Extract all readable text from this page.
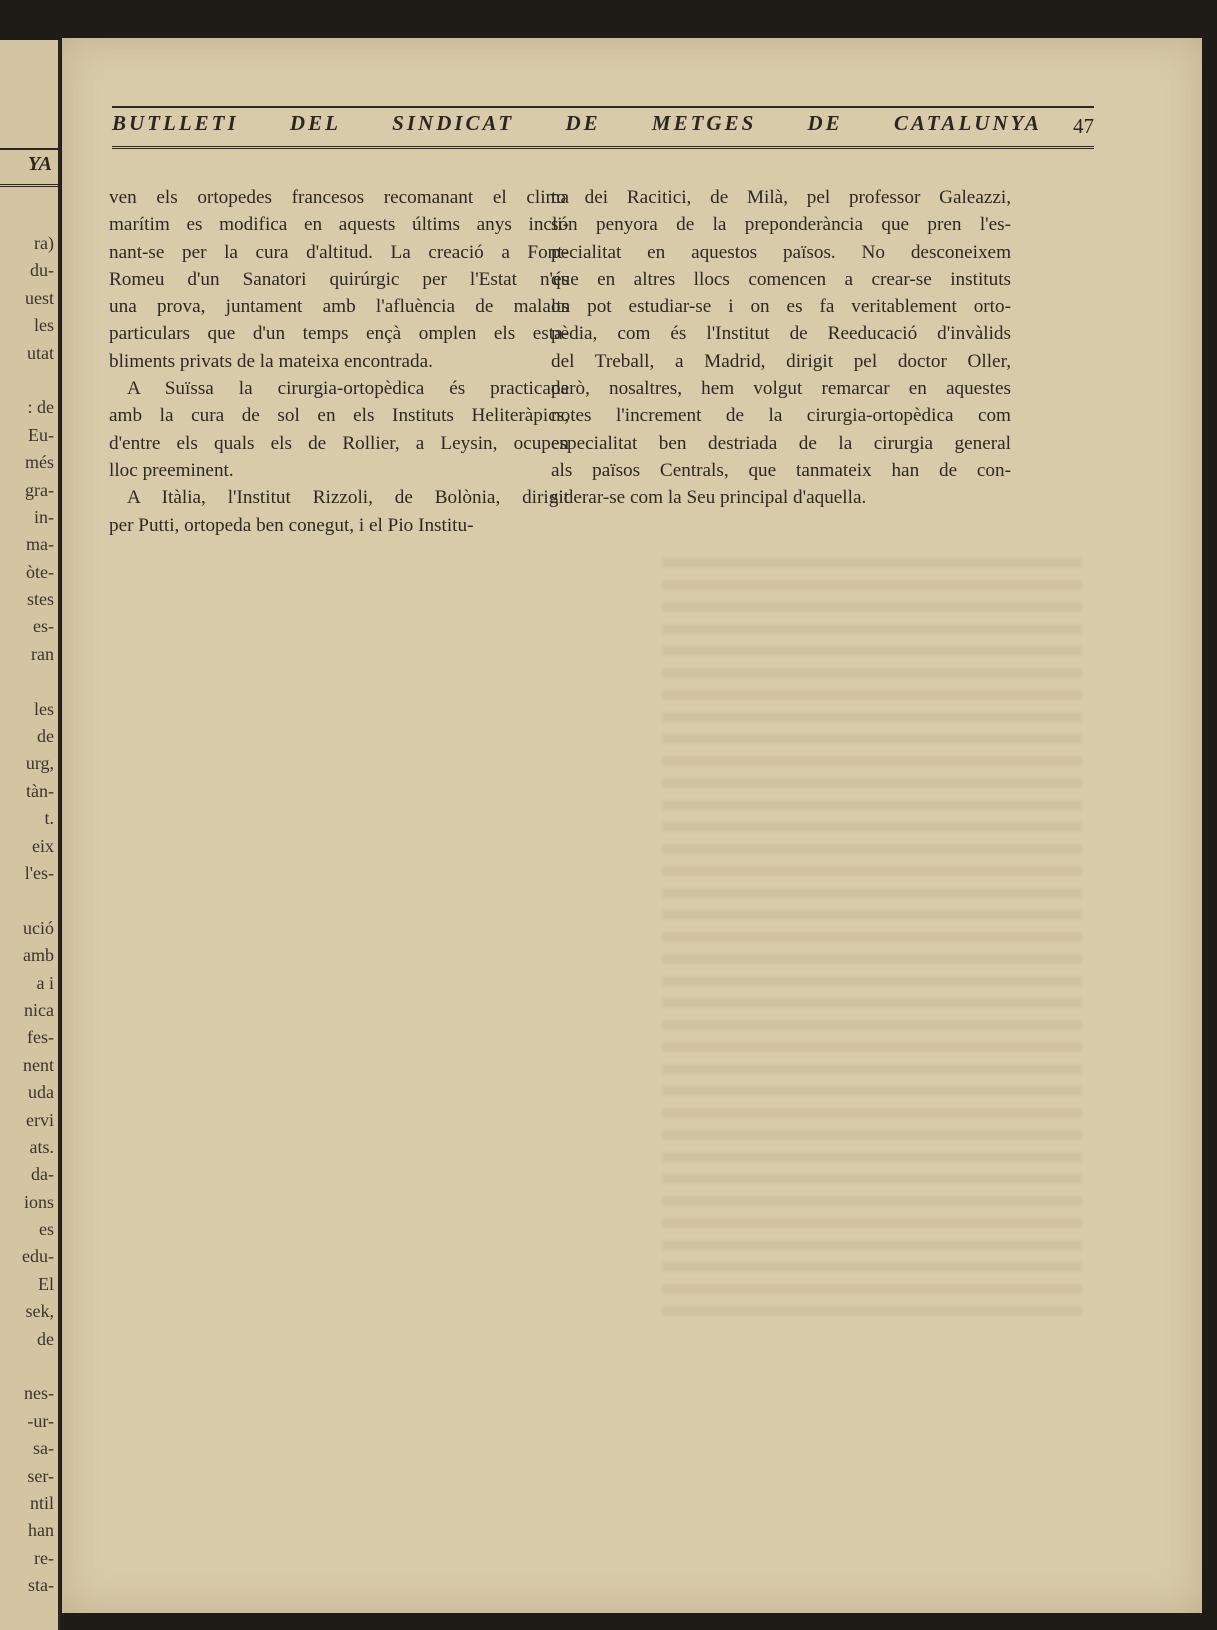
YA
ra)
du-
uest
les
utat
: de
Eu-
més
gra-
in-
ma-
òte-
stes
es-
ran
les
de
urg,
tàn-
t.
eix
l'es-
ució
amb
a i
nica
fes-
nent
uda
ervi
ats.
da-
ions
es
edu-
El
sek,
de
nes-
-ur-
sa-
ser-
ntil
han
re-
sta-
BUTLLETI DEL SINDICAT DE METGES DE CATALUNYA 47
ven els ortopedes francesos recomanant el clima
marítim es modifica en aquests últims anys incli-
nant-se per la cura d'altitud. La creació a Font-
Romeu d'un Sanatori quirúrgic per l'Estat n'és
una prova, juntament amb l'afluència de malalts
particulars que d'un temps ençà omplen els esta-
bliments privats de la mateixa encontrada.
A Suïssa la cirurgia-ortopèdica és practicada
amb la cura de sol en els Instituts Heliteràpics,
d'entre els quals els de Rollier, a Leysin, ocupen
lloc preeminent.
A Itàlia, l'Institut Rizzoli, de Bolònia, dirigit
per Putti, ortopeda ben conegut, i el Pio Institu-
to dei Racitici, de Milà, pel professor Galeazzi,
són penyora de la preponderància que pren l'es-
pecialitat en aquestos països. No desconeixem
que en altres llocs comencen a crear-se instituts
on pot estudiar-se i on es fa veritablement orto-
pèdia, com és l'Institut de Reeducació d'invàlids
del Treball, a Madrid, dirigit pel doctor Oller,
però, nosaltres, hem volgut remarcar en aquestes
notes l'increment de la cirurgia-ortopèdica com
especialitat ben destriada de la cirurgia general
als països Centrals, que tanmateix han de con-
siderar-se com la Seu principal d'aquella.
